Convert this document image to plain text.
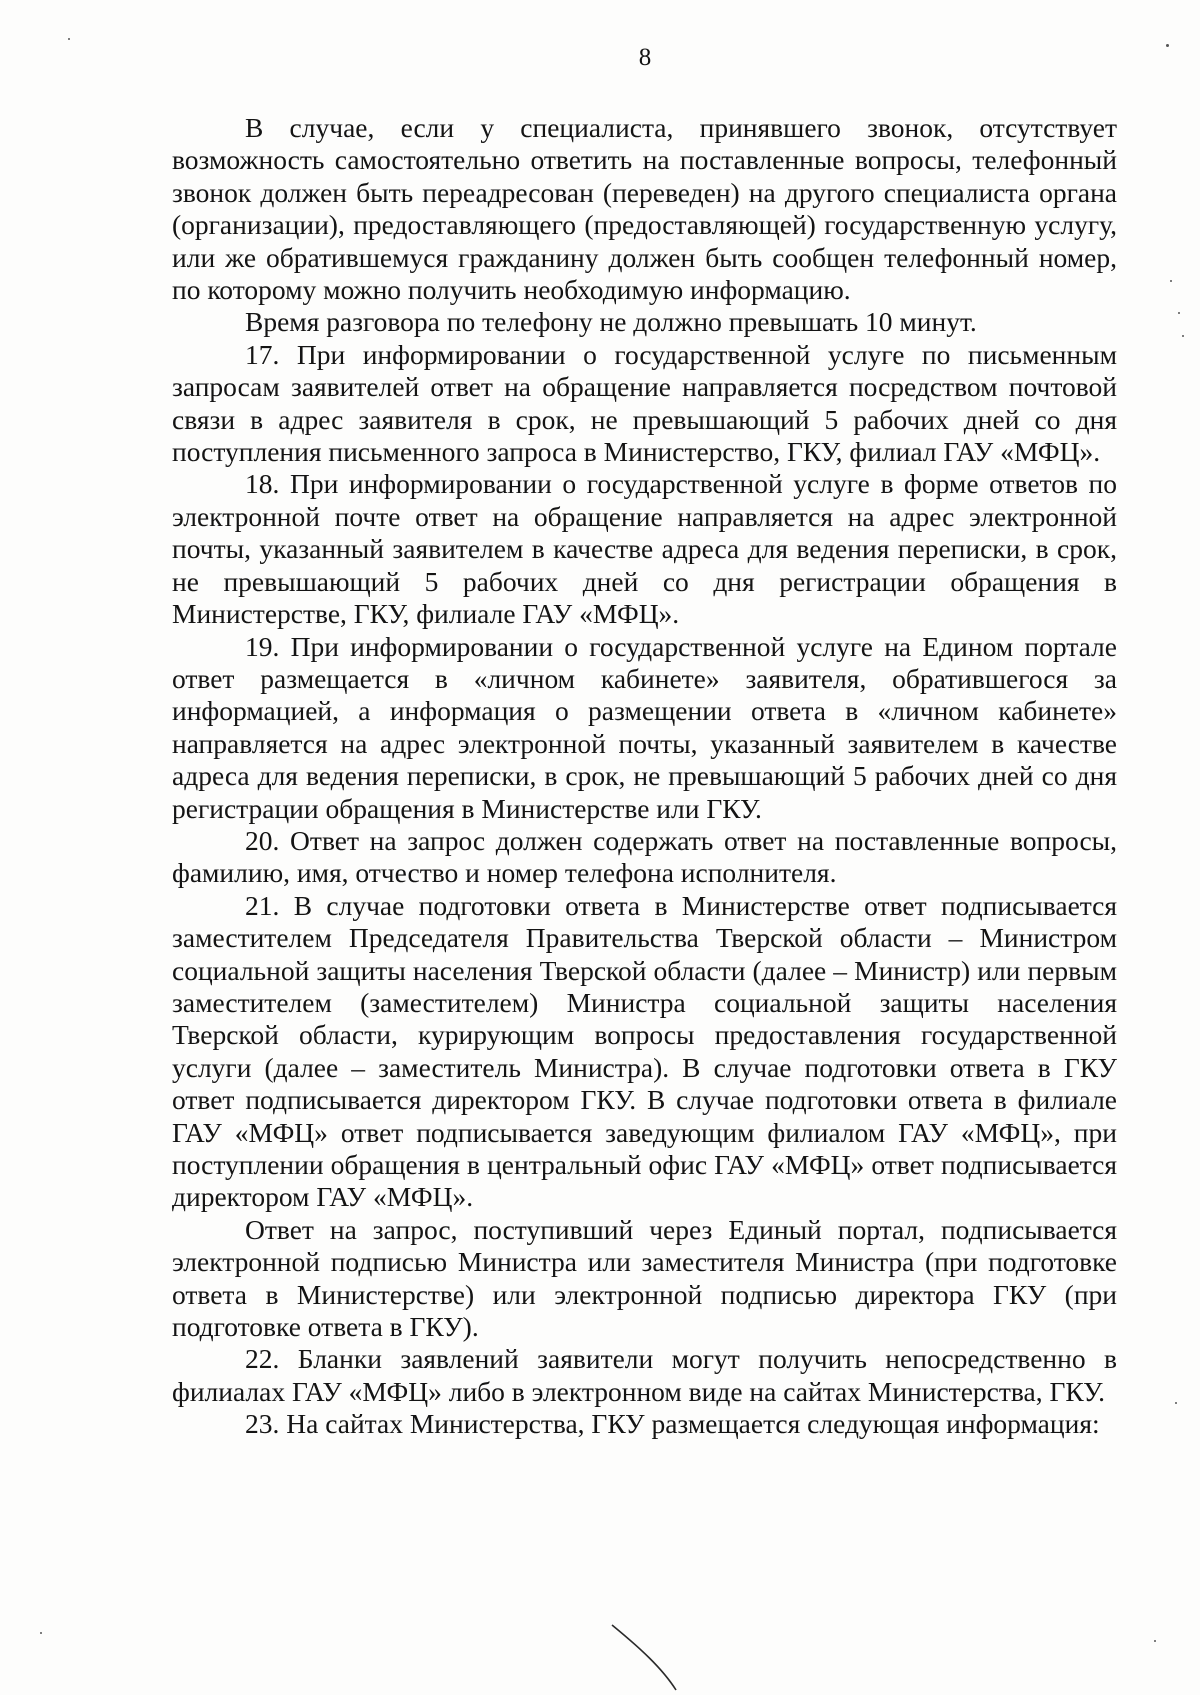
8

В случае, если у специалиста, принявшего звонок, отсутствует возможность самостоятельно ответить на поставленные вопросы, телефонный звонок должен быть переадресован (переведен) на другого специалиста органа (организации), предоставляющего (предоставляющей) государственную услугу, или же обратившемуся гражданину должен быть сообщен телефонный номер, по которому можно получить необходимую информацию.

Время разговора по телефону не должно превышать 10 минут.

17. При информировании о государственной услуге по письменным запросам заявителей ответ на обращение направляется посредством почтовой связи в адрес заявителя в срок, не превышающий 5 рабочих дней со дня поступления письменного запроса в Министерство, ГКУ, филиал ГАУ «МФЦ».

18. При информировании о государственной услуге в форме ответов по электронной почте ответ на обращение направляется на адрес электронной почты, указанный заявителем в качестве адреса для ведения переписки, в срок, не превышающий 5 рабочих дней со дня регистрации обращения в Министерстве, ГКУ, филиале ГАУ «МФЦ».

19. При информировании о государственной услуге на Едином портале ответ размещается в «личном кабинете» заявителя, обратившегося за информацией, а информация о размещении ответа в «личном кабинете» направляется на адрес электронной почты, указанный заявителем в качестве адреса для ведения переписки, в срок, не превышающий 5 рабочих дней со дня регистрации обращения в Министерстве или ГКУ.

20. Ответ на запрос должен содержать ответ на поставленные вопросы, фамилию, имя, отчество и номер телефона исполнителя.

21. В случае подготовки ответа в Министерстве ответ подписывается заместителем Председателя Правительства Тверской области – Министром социальной защиты населения Тверской области (далее – Министр) или первым заместителем (заместителем) Министра социальной защиты населения Тверской области, курирующим вопросы предоставления государственной услуги (далее – заместитель Министра). В случае подготовки ответа в ГКУ ответ подписывается директором ГКУ. В случае подготовки ответа в филиале ГАУ «МФЦ» ответ подписывается заведующим филиалом ГАУ «МФЦ», при поступлении обращения в центральный офис ГАУ «МФЦ» ответ подписывается директором ГАУ «МФЦ».

Ответ на запрос, поступивший через Единый портал, подписывается электронной подписью Министра или заместителя Министра (при подготовке ответа в Министерстве) или электронной подписью директора ГКУ (при подготовке ответа в ГКУ).

22. Бланки заявлений заявители могут получить непосредственно в филиалах ГАУ «МФЦ» либо в электронном виде на сайтах Министерства, ГКУ.

23. На сайтах Министерства, ГКУ размещается следующая информация:
